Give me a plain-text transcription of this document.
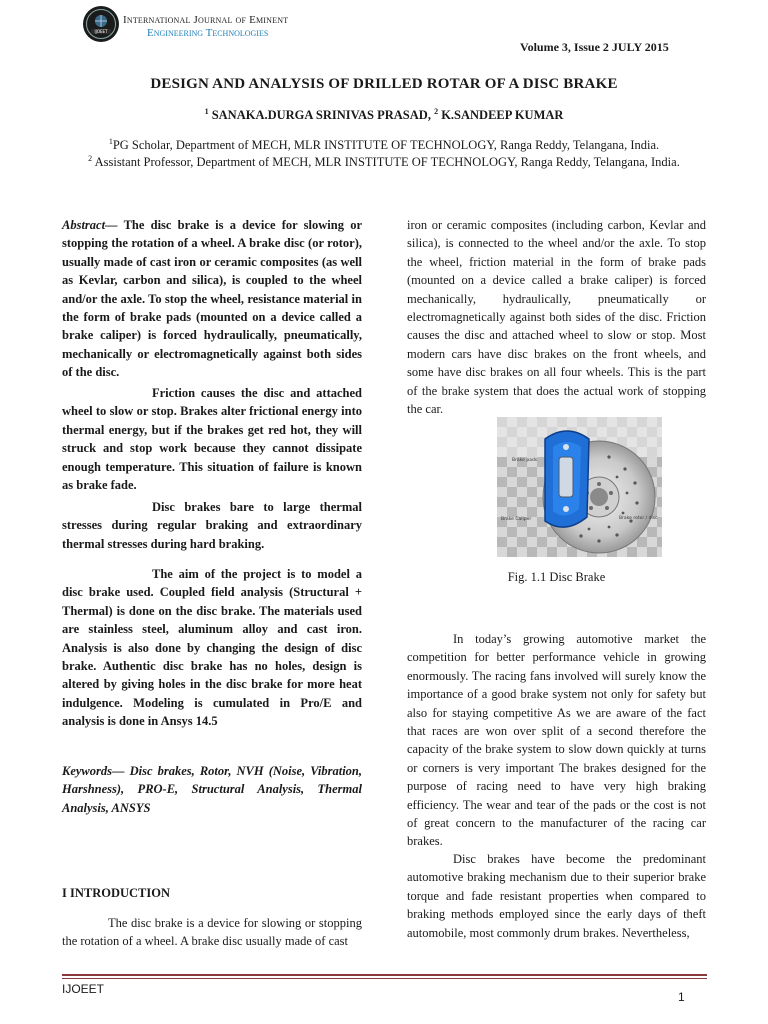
IJOEET
International Journal of Eminent
Engineering Technologies
Volume 3, Issue 2 JULY 2015
DESIGN AND ANALYSIS OF DRILLED ROTAR OF A DISC BRAKE
$^1$ SANAKA.DURGA SRINIVAS PRASAD, $^2$ K.SANDEEP KUMAR
$^1$PG Scholar, Department of MECH, MLR INSTITUTE OF TECHNOLOGY, Ranga Reddy, Telangana, India.
$^2$ Assistant Professor, Department of MECH, MLR INSTITUTE OF TECHNOLOGY, Ranga Reddy, Telangana, India.

Abstract— The disc brake is a device for slowing or stopping the rotation of a wheel. A brake disc (or rotor), usually made of cast iron or ceramic composites (as well as Kevlar, carbon and silica), is coupled to the wheel and/or the axle. To stop the wheel, resistance material in the form of brake pads (mounted on a device called a brake caliper) is forced hydraulically, pneumatically, mechanically or electromagnetically against both sides of the disc.

Friction causes the disc and attached wheel to slow or stop. Brakes alter frictional energy into thermal energy, but if the brakes get red hot, they will struck and stop work because they cannot dissipate enough temperature. This situation of failure is known as brake fade.
Disc brakes bare to large thermal stresses during regular braking and extraordinary thermal stresses during hard braking.
The aim of the project is to model a disc brake used. Coupled field analysis (Structural + Thermal) is done on the disc brake. The materials used are stainless steel, aluminum alloy and cast iron. Analysis is also done by changing the design of disc brake. Authentic disc brake has no holes, design is altered by giving holes in the disc brake for more heat indulgence. Modeling is cumulated in Pro/E and analysis is done in Ansys 14.5

Keywords— Disc brakes, Rotor, NVH (Noise, Vibration, Harshness), PRO-E, Structural Analysis, Thermal Analysis, ANSYS

I INTRODUCTION
The disc brake is a device for slowing or stopping the rotation of a wheel. A brake disc usually made of cast
iron or ceramic composites (including carbon, Kevlar and silica), is connected to the wheel and/or the axle. To stop the wheel, friction material in the form of brake pads (mounted on a device called a brake caliper) is forced mechanically, hydraulically, pneumatically or electromagnetically against both sides of the disc. Friction causes the disc and attached wheel to slow or stop. Most modern cars have disc brakes on the front wheels, and some have disc brakes on all four wheels. This is the part of the brake system that does the actual work of stopping the car.
Brake pads
Brake Caliper	Brake rotor / disc
Fig. 1.1 Disc Brake
In today’s growing automotive market the competition for better performance vehicle in growing enormously. The racing fans involved will surely know the importance of a good brake system not only for safety but also for staying competitive As we are aware of the fact that races are won over split of a second therefore the capacity of the brake system to slow down quickly at turns or corners is very important The brakes designed for the purpose of racing need to have very high braking efficiency. The wear and tear of the pads or the cost is not of great concern to the manufacturer of the racing car brakes.
Disc brakes have become the predominant automotive braking mechanism due to their superior brake torque and fade resistant properties when compared to braking methods employed since the early days of theft automobile, most commonly drum brakes. Nevertheless,
IJOEET
1
